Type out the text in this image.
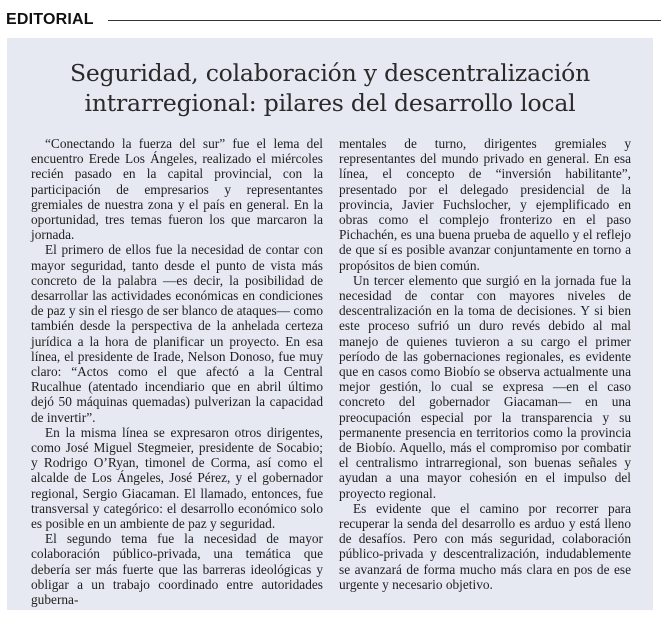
EDITORIAL
Seguridad, colaboración y descentralización
intrarregional: pilares del desarrollo local

“Conectando la fuerza del sur” fue el lema del encuentro Erede Los Ángeles, realizado el miércoles recién pasado en la capital provincial, con la participación de empresarios y representantes gremiales de nuestra zona y el país en general. En la oportunidad, tres temas fueron los que marcaron la jornada.

El primero de ellos fue la necesidad de contar con mayor seguridad, tanto desde el punto de vista más concreto de la palabra —es decir, la posibilidad de desarrollar las actividades económicas en condiciones de paz y sin el riesgo de ser blanco de ataques— como también desde la perspectiva de la anhelada certeza jurídica a la hora de planificar un proyecto. En esa línea, el presidente de Irade, Nelson Donoso, fue muy claro: “Actos como el que afectó a la Central Rucalhue (atentado incendiario que en abril último dejó 50 máquinas quemadas) pulverizan la capacidad de invertir”.

En la misma línea se expresaron otros dirigentes, como José Miguel Stegmeier, presidente de Socabio; y Rodrigo O’Ryan, timonel de Corma, así como el alcalde de Los Ángeles, José Pérez, y el gobernador regional, Sergio Giacaman. El llamado, entonces, fue transversal y categórico: el desarrollo económico solo es posible en un ambiente de paz y seguridad.

El segundo tema fue la necesidad de mayor colaboración público-privada, una temática que debería ser más fuerte que las barreras ideológicas y obligar a un trabajo coordinado entre autoridades guberna-

mentales de turno, dirigentes gremiales y representantes del mundo privado en general. En esa línea, el concepto de “inversión habilitante”, presentado por el delegado presidencial de la provincia, Javier Fuchslocher, y ejemplificado en obras como el complejo fronterizo en el paso Pichachén, es una buena prueba de aquello y el reflejo de que sí es posible avanzar conjuntamente en torno a propósitos de bien común.

Un tercer elemento que surgió en la jornada fue la necesidad de contar con mayores niveles de descentralización en la toma de decisiones. Y si bien este proceso sufrió un duro revés debido al mal manejo de quienes tuvieron a su cargo el primer período de las gobernaciones regionales, es evidente que en casos como Biobío se observa actualmente una mejor gestión, lo cual se expresa —en el caso concreto del gobernador Giacaman— en una preocupación especial por la transparencia y su permanente presencia en territorios como la provincia de Biobío. Aquello, más el compromiso por combatir el centralismo intrarregional, son buenas señales y ayudan a una mayor cohesión en el impulso del proyecto regional.

Es evidente que el camino por recorrer para recuperar la senda del desarrollo es arduo y está lleno de desafíos. Pero con más seguridad, colaboración público-privada y descentralización, indudablemente se avanzará de forma mucho más clara en pos de ese urgente y necesario objetivo.
